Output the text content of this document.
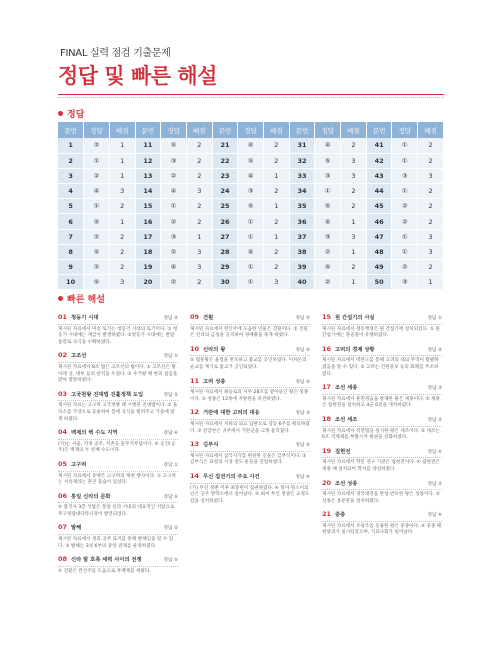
FINAL 실력 점검 기출문제
정답 및 빠른 해설
정답
문번	정답	배점	문번	정답	배점	문번	정답	배점	문번	정답	배점	문번	정답	배점
1	②	1	11	⑤	2	21	④	2	31	④	2	41	①	2
2	①	1	12	③	2	22	⑤	2	32	⑤	3	42	①	2
3	②	1	13	②	2	23	④	1	33	③	3	43	③	3
4	④	3	14	④	3	24	③	2	34	①	2	44	①	2
5	①	2	15	①	2	25	⑤	1	35	⑤	2	45	②	2
6	⑤	1	16	②	2	26	①	2	36	④	1	46	②	2
7	②	2	17	③	1	27	①	1	37	③	3	47	①	3
8	⑤	2	18	②	3	28	④	2	38	②	1	48	①	3
9	②	2	19	④	3	29	①	2	39	⑤	2	49	②	2
10	⑤	3	20	②	2	30	①	3	40	②	1	50	③	1
빠른 해설
01 청동기 시대	정답 ②
제시된 자료에서 미송 토기는 청동기 시대의 토기이다. ① 청동기 시대에는 계급이 발생하였다. ②청동기 시대에는 반달 돌칼로 곡식을 수확하였다.
02 고조선	정답 ①
제시된 자료에서 8조 법은 고조선의 법이다. ① 고조선은 왕 아래 상, 대부 등의 관직을 두었다. ② 우거왕 때 한의 침입을 받아 멸망하였다.
03 고국천왕 진대법 진휼정책 도입	정답 ②
제시된 자료는 고구려 고국천왕 때 시행된 진대법이다. ② 을파소를 국상으로 등용하여 봄에 곡식을 빌려주고 가을에 갚게 하였다.
04 백제의 벽 수도 지역	정답 ④
(가)는 서울, 지정 공주, 석촌동 돌무지무덤이다. ④ 웅진(공주)은 백제의 두 번째 수도이다.
05 고구려	정답 ①
제시된 자료에서 동맹은 고구려의 제천 행사이다. ① 고구려는 서옥제라는 혼인 풍습이 있었다.
06 통일 신라의 문화	정답 ⑤
⑤ 불국사 3층 석탑은 통일 신라 시대의 대표적인 석탑으로 무구정광대다라니경이 발견되었다.
07 발해	정답 ②
제시된 자료에서 정효 공주 묘지를 통해 발해임을 알 수 있다. ② 발해는 3성 6부의 중앙 관제를 운영하였다.
08 신라 말 호족 세력 사이의 전쟁	정답 ⑤
⑤ 견훤은 완산주를 도읍으로 후백제를 세웠다.
09 견훤	정답 ②
제시된 자료에서 완산주에 도읍한 인물은 견훤이다. ② 견훤은 신라의 금성을 공격하여 경애왕을 죽게 하였다.
10 신라의 왕	정답 ⑤
⑤ 법흥왕은 율령을 반포하고 불교를 공인하였다. 이차돈의 순교를 계기로 불교가 공인되었다.
11 고려 성종	정답 ⑤
제시된 자료에서 최승로의 시무 28조를 받아들인 왕은 성종이다. ⑤ 성종은 12목에 지방관을 파견하였다.
12 거란에 대한 고려의 대응	정답 ③
제시된 자료에서 서희의 외교 담판으로 강동 6주를 획득하였다. ③ 강감찬은 귀주에서 거란군을 크게 물리쳤다.
13 김부식	정답 ②
제시된 자료에서 삼국사기를 편찬한 인물은 김부식이다. ② 김부식은 묘청의 서경 천도 운동을 진압하였다.
14 무신 집권기의 주요 사건	정답 ④
(가) 무신 정변 이후 최충헌이 집권하였다. ④ 망이·망소이의 난은 공주 명학소에서 일어났다. ⑤ 최씨 무신 정권은 교정도감을 설치하였다.
15 원 간섭기의 사실	정답 ①
제시된 자료에서 정동행성은 원 간섭기에 설치되었다. ① 원 간섭기에는 몽골풍이 유행하였다.
16 고려의 경제 상황	정답 ②
제시된 자료에서 벽란도를 통해 고려의 대외 무역이 활발하였음을 알 수 있다. ② 고려는 건원중보 등의 화폐를 주조하였다.
17 조선 세종	정답 ③
제시된 자료에서 훈민정음을 창제한 왕은 세종이다. ③ 세종은 집현전을 설치하고 4군 6진을 개척하였다.
18 조선 세조	정답 ②
제시된 자료에서 직전법을 실시한 왕은 세조이다. ② 세조는 6조 직계제를 부활시켜 왕권을 강화하였다.
19 집현전	정답 ④
제시된 자료에서 학문 연구 기관은 집현전이다. ④ 집현전은 세종 때 설치되어 학자를 양성하였다.
20 조선 성종	정답 ②
제시된 자료에서 경국대전을 완성·반포한 왕은 성종이다. ② 성종은 홍문관을 설치하였다.
21 중종	정답 ④
제시된 자료에서 조광조를 등용한 왕은 중종이다. ④ 중종 때 현량과가 실시되었으며, 기묘사화가 일어났다.
